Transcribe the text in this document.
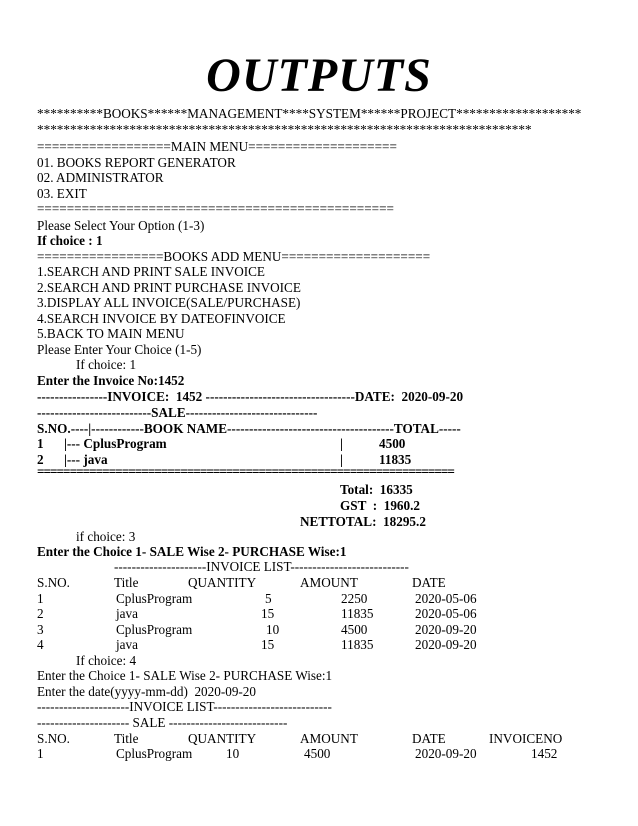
OUTPUTS
**********BOOKS******MANAGEMENT****SYSTEM******PROJECT*******************
***************************************************************************
==================MAIN MENU====================
01. BOOKS REPORT GENERATOR
02. ADMINISTRATOR
03. EXIT
================================================
Please Select Your Option (1-3)
If choice : 1
=================BOOKS ADD MENU====================
1.SEARCH AND PRINT SALE INVOICE
2.SEARCH AND PRINT PURCHASE INVOICE
3.DISPLAY ALL INVOICE(SALE/PURCHASE)
4.SEARCH INVOICE BY DATEOFINVOICE
5.BACK TO MAIN MENU
Please Enter Your Choice (1-5)
If choice: 1
Enter the Invoice No:1452
----------------INVOICE:  1452 ----------------------------------DATE:  2020-09-20
--------------------------SALE------------------------------
S.NO.----|------------BOOK NAME--------------------------------------TOTAL-----
1 |--- CplusProgram	|	4500
2 |--- java	|	11835
================================================================
Total:  16335
GST  :  1960.2
NETTOTAL:  18295.2
if choice: 3
Enter the Choice 1- SALE Wise 2- PURCHASE Wise:1
---------------------INVOICE LIST---------------------------
S.NO.	Title	QUANTITY	AMOUNT	DATE
1	CplusProgram	5	2250	2020-05-06
2	java	15	11835	2020-05-06
3	CplusProgram	10	4500	2020-09-20
4	java	15	11835	2020-09-20
If choice: 4
Enter the Choice 1- SALE Wise 2- PURCHASE Wise:1
Enter the date(yyyy-mm-dd)  2020-09-20
---------------------INVOICE LIST---------------------------
--------------------- SALE ---------------------------
S.NO.	Title	QUANTITY	AMOUNT	DATE	INVOICENO
1	CplusProgram	10	4500	2020-09-20	1452
